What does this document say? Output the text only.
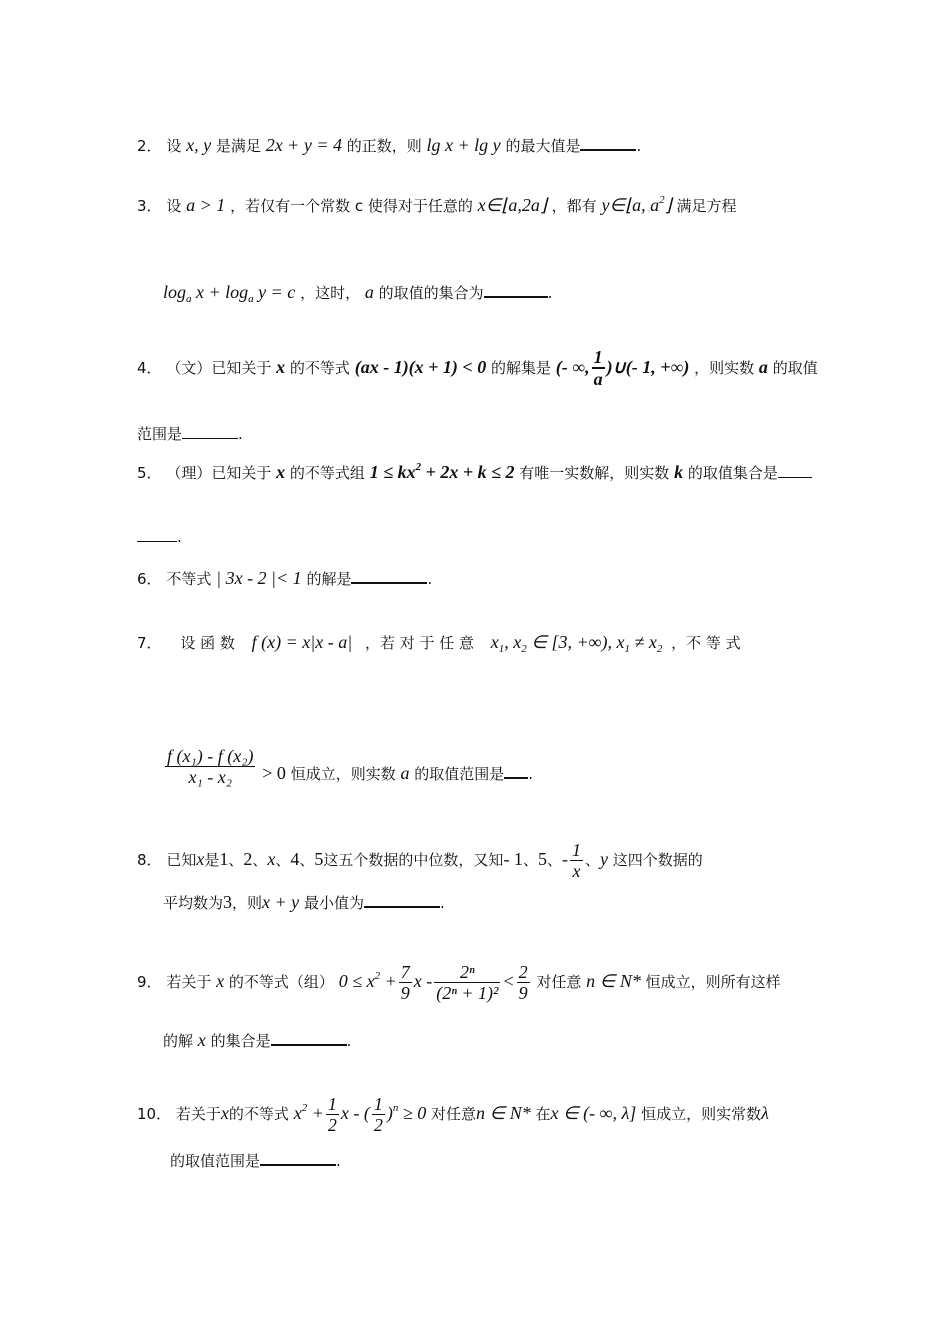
2． 设 x, y 是满足 2x + y = 4 的正数，则 lg x + lg y 的最大值是	.
3． 设 a > 1 ，若仅有一个常数 c 使得对于任意的 x∈⌊a,2a⌋ ，都有 y∈⌊a, $a^2⌋$ 满足方程
$\log_a x + \log_a y = c$ ，这时， a 的取值的集合为	.
4． （文）已知关于 x 的不等式 (ax - 1)(x + 1) < 0 的解集是 (- ∞, $\frac{1}{a}$ )∪(- 1, +∞) ，则实数 a 的取值
范围是	.
5． （理）已知关于 x 的不等式组 $1 \le kx^2 + 2x + k \le 2$ 有唯一实数解，则实数 k 的取值集合是
.
6． 不等式 | 3x - 2 |< 1 的解是	.
7． 设 函 数 f (x) = x|x - a| ，若 对 于 任 意 $x_1$, $x_2$ ∈ [3, +∞), $x_1 \ne x_2$ ，不 等 式
$\frac{\text{f (x₁) - f (x₂)}}{\text{x₁ - x₂}} > 0$ 恒成立，则实数 a 的取值范围是 .
8． 已知x是1、2、x、4、5这五个数据的中位数，又知- 1、5、- $\frac{1}{x}$ 、y 这四个数据的
平均数为3，则x + y 最小值为	.
9． 若关于 x 的不等式（组） $0 \le x^2 + \frac{7}{9}$ $x - \frac{\text{2ⁿ}}{\text{(2ⁿ + 1)²}} < \frac{2}{9}$ 对任意 n ∈ N* 恒成立，则所有这样
的解 x 的集合是	.
10． 若关于x的不等式 $x^2 + \frac{1}{2}$ x - ( $\frac{1}{2} )^n \ge 0$ 对任意n ∈ N* 在x ∈ (- ∞, λ] 恒成立，则实常数λ
的取值范围是	.
